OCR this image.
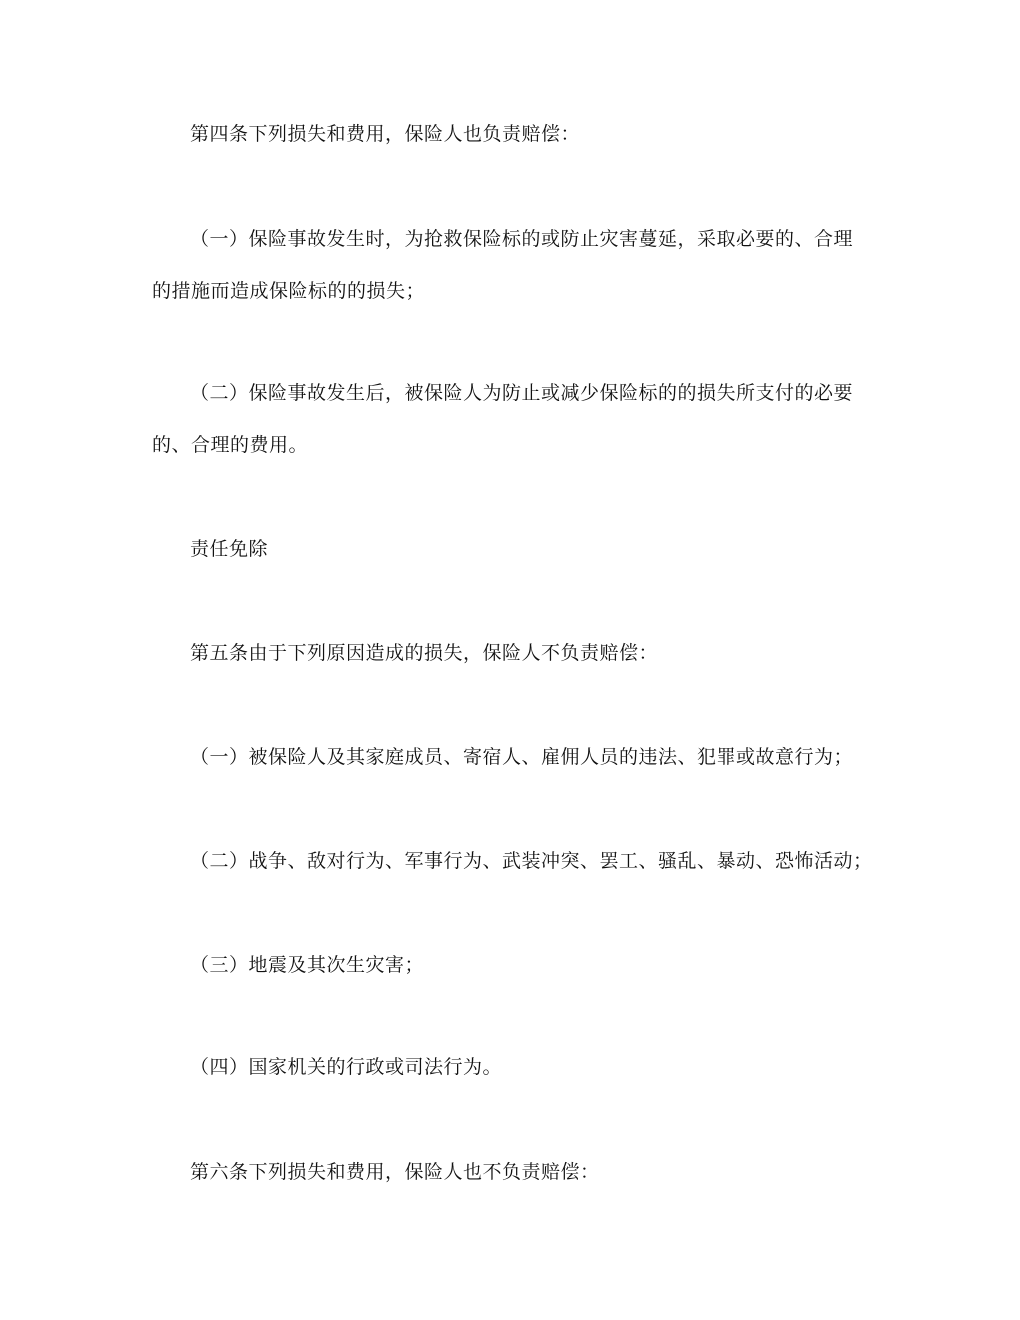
第四条下列损失和费用，保险人也负责赔偿：
（一）保险事故发生时，为抢救保险标的或防止灾害蔓延，采取必要的、合理
的措施而造成保险标的的损失；
（二）保险事故发生后，被保险人为防止或减少保险标的的损失所支付的必要
的、合理的费用。
责任免除
第五条由于下列原因造成的损失，保险人不负责赔偿：
（一）被保险人及其家庭成员、寄宿人、雇佣人员的违法、犯罪或故意行为；
（二）战争、敌对行为、军事行为、武装冲突、罢工、骚乱、暴动、恐怖活动；
（三）地震及其次生灾害；
（四）国家机关的行政或司法行为。
第六条下列损失和费用，保险人也不负责赔偿：
